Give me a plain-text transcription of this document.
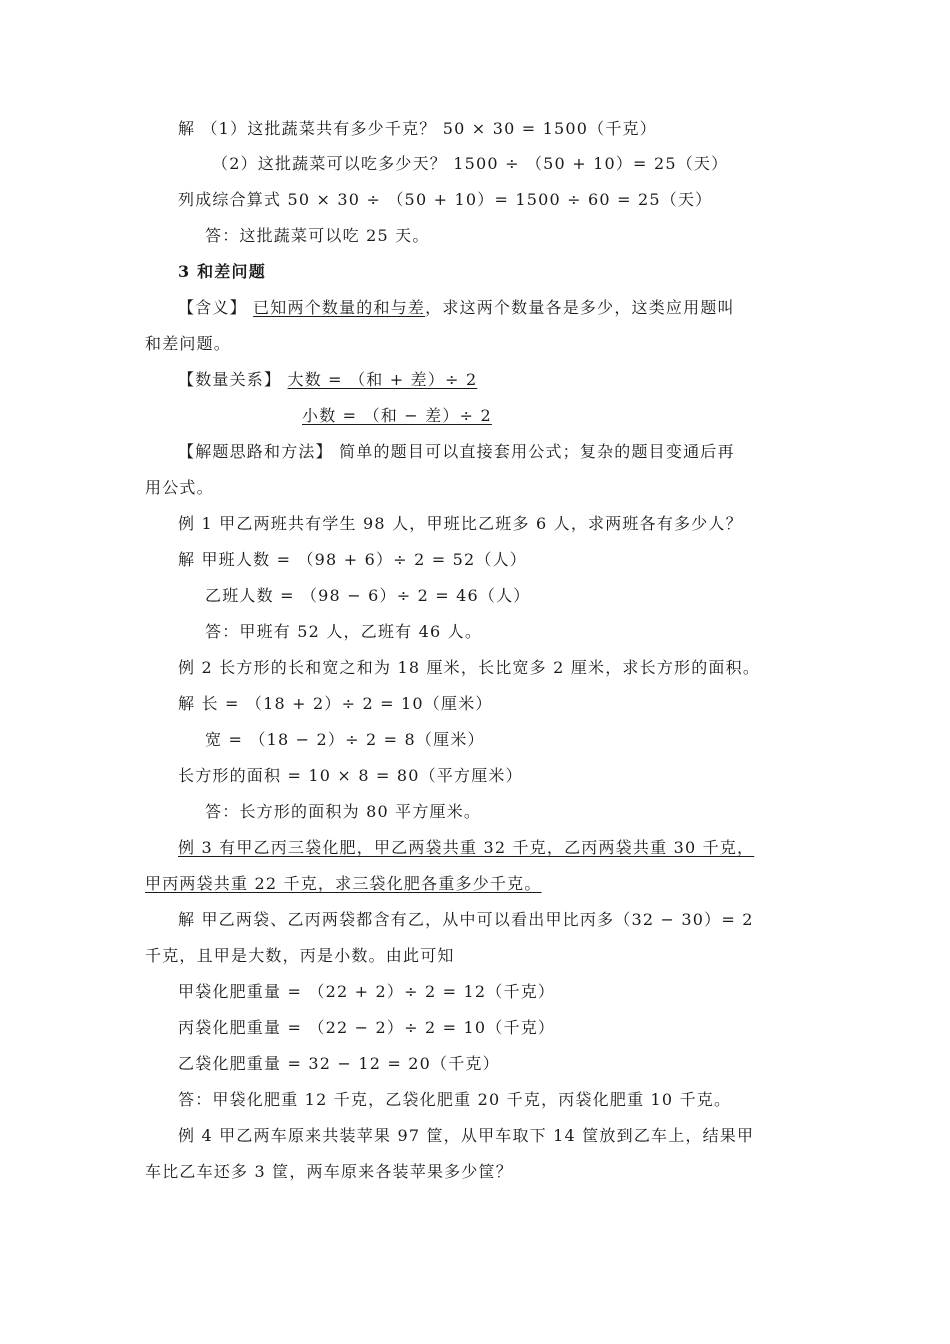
解 （1）这批蔬菜共有多少千克？ 50 × 30 = 1500（千克）
（2）这批蔬菜可以吃多少天？ 1500 ÷ （50 + 10）= 25（天）
列成综合算式 50 × 30 ÷ （50 + 10）= 1500 ÷ 60 = 25（天）
答：这批蔬菜可以吃 25 天。
3 和差问题
【含义】 已知两个数量的和与差，求这两个数量各是多少，这类应用题叫
和差问题。
【数量关系】 大数 = （和 + 差）÷ 2
小数 = （和 − 差）÷ 2
【解题思路和方法】 简单的题目可以直接套用公式；复杂的题目变通后再
用公式。
例 1 甲乙两班共有学生 98 人，甲班比乙班多 6 人，求两班各有多少人？
解 甲班人数 = （98 + 6）÷ 2 = 52（人）
乙班人数 = （98 − 6）÷ 2 = 46（人）
答：甲班有 52 人，乙班有 46 人。
例 2 长方形的长和宽之和为 18 厘米，长比宽多 2 厘米，求长方形的面积。
解 长 = （18 + 2）÷ 2 = 10（厘米）
宽 = （18 − 2）÷ 2 = 8（厘米）
长方形的面积 = 10 × 8 = 80（平方厘米）
答：长方形的面积为 80 平方厘米。
例 3 有甲乙丙三袋化肥，甲乙两袋共重 32 千克，乙丙两袋共重 30 千克，
甲丙两袋共重 22 千克，求三袋化肥各重多少千克。
解 甲乙两袋、乙丙两袋都含有乙，从中可以看出甲比丙多（32 − 30）= 2
千克，且甲是大数，丙是小数。由此可知
甲袋化肥重量 = （22 + 2）÷ 2 = 12（千克）
丙袋化肥重量 = （22 − 2）÷ 2 = 10（千克）
乙袋化肥重量 = 32 − 12 = 20（千克）
答：甲袋化肥重 12 千克，乙袋化肥重 20 千克，丙袋化肥重 10 千克。
例 4 甲乙两车原来共装苹果 97 筐，从甲车取下 14 筐放到乙车上，结果甲
车比乙车还多 3 筐，两车原来各装苹果多少筐？
